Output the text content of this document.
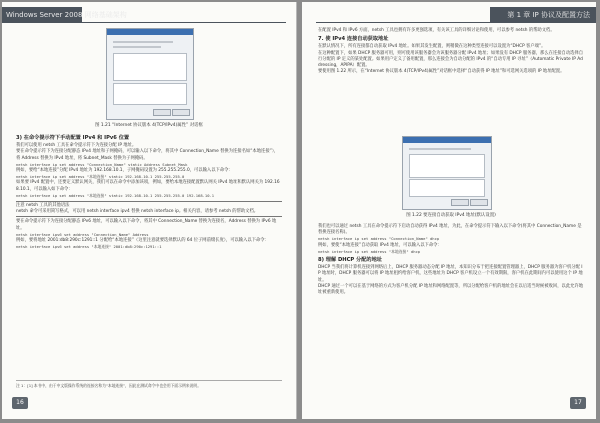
Windows Server 2008 网络基础架构
图 1.21 “Internet 协议版本 4(TCP/IPv4)属性” 对话框
3) 在命令提示符下手动配置 IPv4 和 IPv6 位置
我们可以使用 netsh 工具在命令提示符下为连接分配 IP 地址。
要在命令提示符下为连接分配静态 IPv4 地址和子网掩码，可以输入以下命令，将其中 Connection_Name 替换为连接名如“本地连接”），将 Address 替换为 IPv4 地址，将 Subnet_Mask 替换为子网掩码。
netsh interface ip set address "Connection_Name" static Address Subnet_Mask
例如，要给“本地连接”分配 IPv4 地址为 192.168.10.1，子网掩码设置为 255.255.255.0，可以输入以下命令：
netsh interface ip set address "本地连接" static 192.168.10.1 255.255.255.0
如果要 IPv4 配置中，还要定义默认网关，我们可以在命令中添加该项，例如，要给本地连接配置默认网关 IPv4 地址和默认网关为 192.168.10.1，可以输入如下命令：
netsh interface ip set address "本地连接" static 192.168.10.1 255.255.255.0 192.168.10.1
注意 netsh 工具的其他语法
netsh 命令可采用简写格式，可以用 netsh interface ipv4 替换 netsh interface ip。相关内容，请参考 netsh 的帮助文档。
要在命令提示符下为连接分配静态 IPv6 地址，可以输入以下命令，将其中 Connection_Name 替换为连接名，Address 替换为 IPv6 地址。
netsh interface ipv6 set address "Connection_Name" Address
例如，要将地址 2001:db8:290c:1291::1 分配给“本地连接”（这里注意就要选择默认的 64 位子网前缀长度），可以输入以下命令：
netsh interface ipv6 set address "本地连接" 2001:db8:290c:1291::1
注 1：[1] 本书中，由于中文版操作系统的连接名称为“本地连接”，因此在测试命令中也会用下面示例来说明。
16
第 1 章 IP 协议及配置方法
在配置 IPv4 和 IPv6 方面，netsh 工具也拥有许多更强选项，有关该工具的详细讨论和使用，可以参考 netsh 的帮助文档。
7. 使 IPv4 连接自动获取地址
在默认情况下，所有连接都自动获取 IPv4 地址。如果其发生配置，则稍微在这种类型连接可以设置为“DHCP 客户端”。
在这种配置下，如果 DHCP 服务器可用，则可使用该服务器会为该服务器分配 IPv4 地址；如果没有 DHCP 服务器，那么在连接自动选择自行分配的 IP 定义的某处配置。如果用户定义了备用配置，那么连接会为自动分配的 IPv4 的“自动专用 IP 寻址”（Automatic Private IP Addressing，APIPA）配置。
要使用图 1.22 所示，在“Internet 协议版本 4(TCP/IPv4)属性”对话框中选择“自动获得 IP 地址”和可选网关选项的 IP 地址配置。
图 1.22 要连接自动获取 IPv4 地址(默认设置)
我们也可以通过 netsh 工具在命令提示符下启动自动获得 IPv4 地址，为此，在命令提示符下输入以下命令(将其中 Connection_Name 是替换连接名称)。
netsh interface ip set address "Connection_Name" dhcp
例如，要使“本地连接”自动获取 IPv4 地址，可以输入以下命令：
netsh interface ip set address "本地连接" dhcp
8) 理解 DHCP 分配的地址
DHCP 当我们将计算机连接到网络后上，DHCP 服务器动态分配 IP 地址，本知识分布于把连接配置管理器上，DHCP 服务器为客户机分配 IP 地址时，DHCP 服务器可以将 IP 地址租约给客户机，这些地址为 DHCP 客户机设立一个有效期限，客户机在此期间内可以使用这个 IP 地址。
DHCP 通过一个可以在基于网络的方式为客户机分配 IP 地址和网络配置等，所以分配给客户机的地址会在以后适当时候被收回，以此允许地址被重新使用。
17
